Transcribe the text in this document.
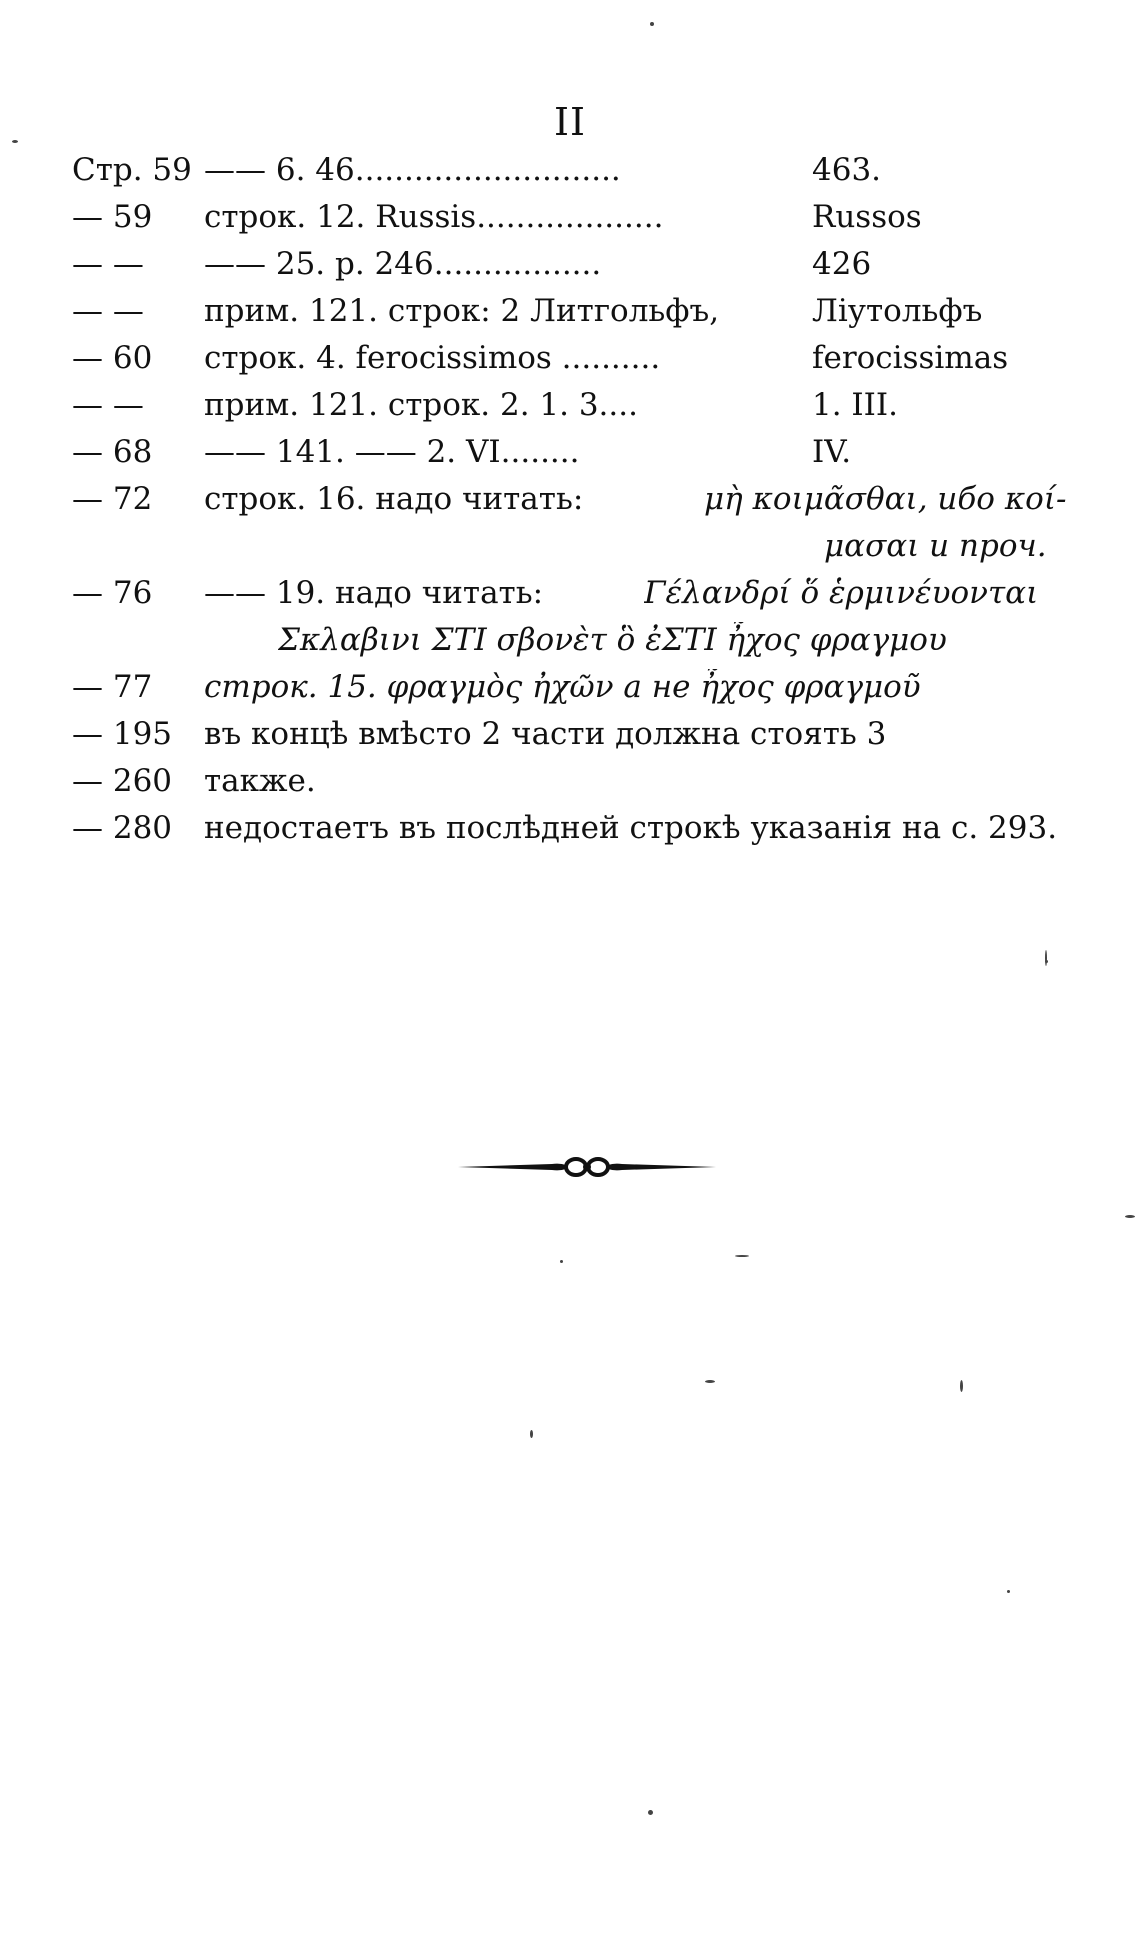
II
Стр. 59 —— 6. 46...........................	463.
— 59	строк. 12. Russis...................	Russos
— —	—— 25. р. 246.................	426
— —	прим. 121. строк: 2 Литгольфъ,	Лiутольфъ
— 60	строк. 4. ferocissimos ..........	ferocissimas
— —	прим. 121. строк. 2. 1. 3....	1. III.
— 68	—— 141. —— 2. VI........	IV.
— 72	строк. 16. надо читать:	μὴ κοιμᾶσθαι, ибо κοί-
μασαι и проч.
— 76	—— 19. надо читать:	Γέλανδρί ὅ ἑρμινέυονται
Σκλαβινι ΣΤΙ σβονὲτ ὃ ἐΣΤΙ ἦχος φραγμου
— 77	строк. 15. φραγμὸς ἠχῶν а не ἦχος φραγμοῦ
— 195	въ концѣ вмѣсто 2 части должна стоять 3
— 260	также.
— 280	недостаетъ въ послѣдней строкѣ указанiя на с. 293.
